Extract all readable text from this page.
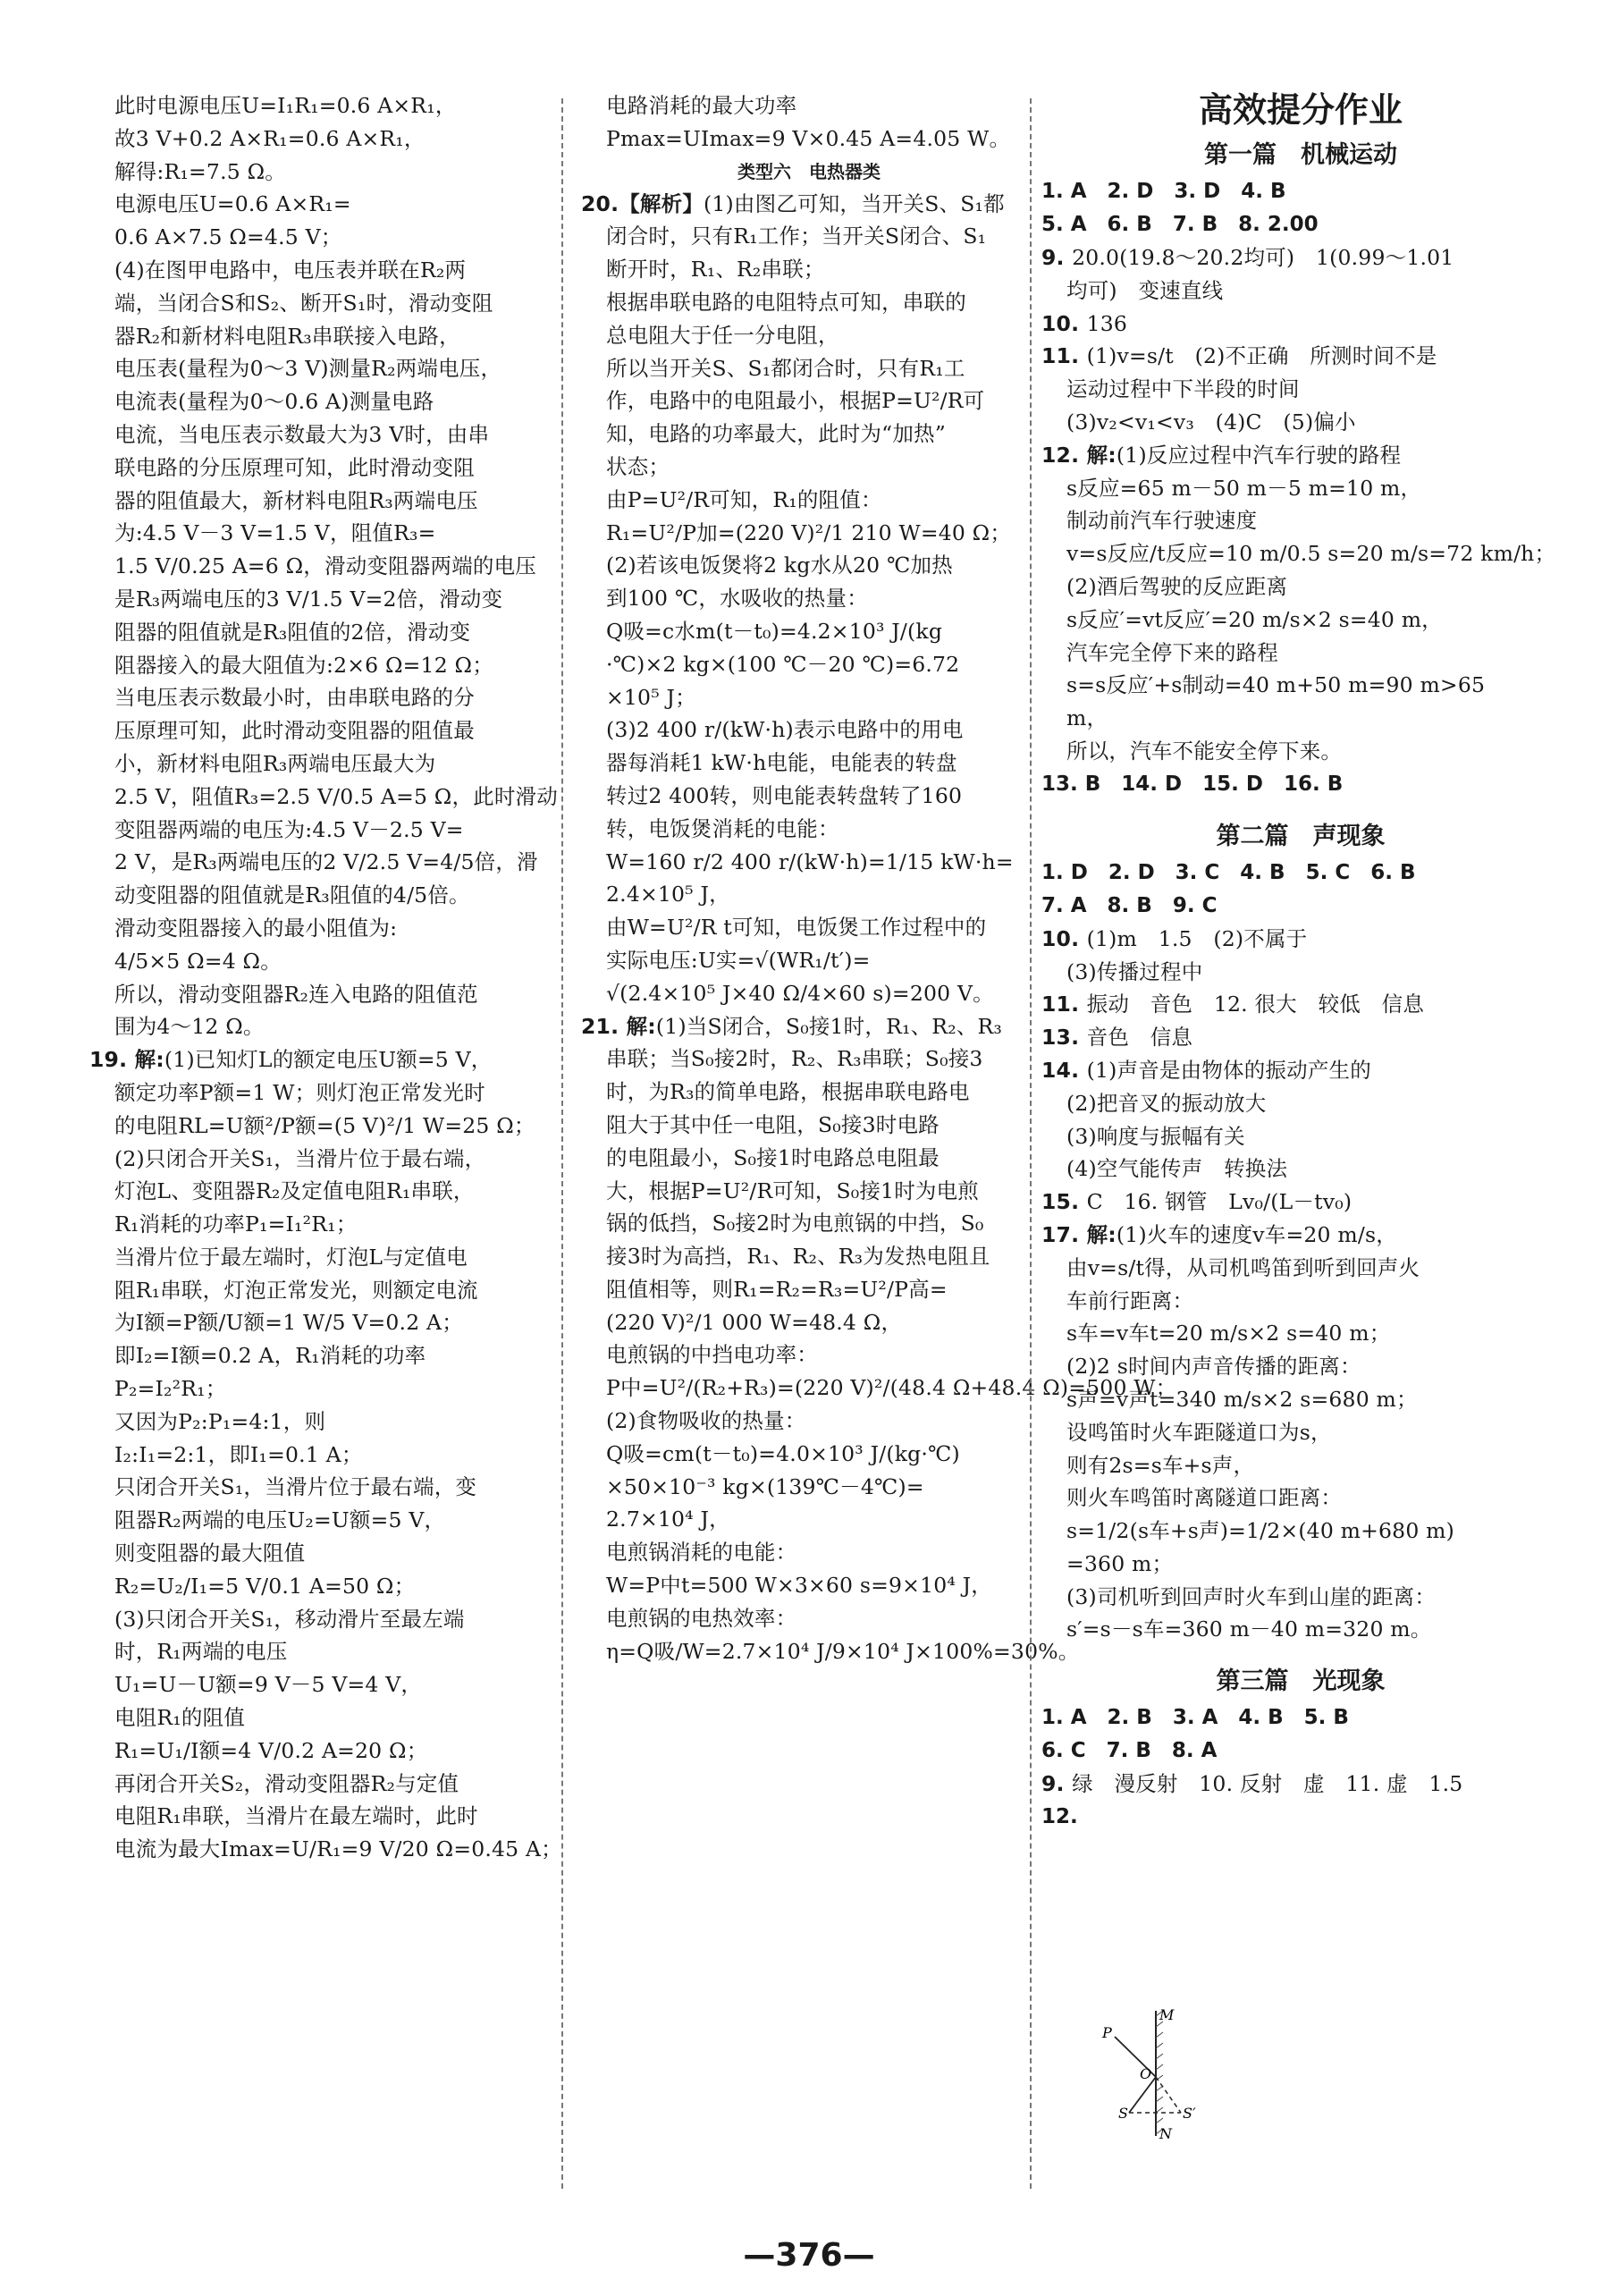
此时电源电压U=I₁R₁=0.6 A×R₁，
故3 V+0.2 A×R₁=0.6 A×R₁，
解得:R₁=7.5 Ω。
电源电压U=0.6 A×R₁=
0.6 A×7.5 Ω=4.5 V；
(4)在图甲电路中，电压表并联在R₂两
端，当闭合S和S₂、断开S₁时，滑动变阻
器R₂和新材料电阻R₃串联接入电路，
电压表(量程为0～3 V)测量R₂两端电压，
电流表(量程为0～0.6 A)测量电路
电流，当电压表示数最大为3 V时，由串
联电路的分压原理可知，此时滑动变阻
器的阻值最大，新材料电阻R₃两端电压
为:4.5 V－3 V=1.5 V，阻值R₃=
1.5 V/0.25 A=6 Ω，滑动变阻器两端的电压
是R₃两端电压的3 V/1.5 V=2倍，滑动变
阻器的阻值就是R₃阻值的2倍，滑动变
阻器接入的最大阻值为:2×6 Ω=12 Ω；
当电压表示数最小时，由串联电路的分
压原理可知，此时滑动变阻器的阻值最
小，新材料电阻R₃两端电压最大为
2.5 V，阻值R₃=2.5 V/0.5 A=5 Ω，此时滑动
变阻器两端的电压为:4.5 V－2.5 V=
2 V，是R₃两端电压的2 V/2.5 V=4/5倍，滑
动变阻器的阻值就是R₃阻值的4/5倍。
滑动变阻器接入的最小阻值为:
4/5×5 Ω=4 Ω。
所以，滑动变阻器R₂连入电路的阻值范
围为4～12 Ω。
19. 解:(1)已知灯L的额定电压U额=5 V，
额定功率P额=1 W；则灯泡正常发光时
的电阻RL=U额²/P额=(5 V)²/1 W=25 Ω；
(2)只闭合开关S₁，当滑片位于最右端，
灯泡L、变阻器R₂及定值电阻R₁串联，
R₁消耗的功率P₁=I₁²R₁；
当滑片位于最左端时，灯泡L与定值电
阻R₁串联，灯泡正常发光，则额定电流
为I额=P额/U额=1 W/5 V=0.2 A；
即I₂=I额=0.2 A，R₁消耗的功率
P₂=I₂²R₁；
又因为P₂:P₁=4:1，则
I₂:I₁=2:1，即I₁=0.1 A；
只闭合开关S₁，当滑片位于最右端，变
阻器R₂两端的电压U₂=U额=5 V，
则变阻器的最大阻值
R₂=U₂/I₁=5 V/0.1 A=50 Ω；
(3)只闭合开关S₁，移动滑片至最左端
时，R₁两端的电压
U₁=U－U额=9 V－5 V=4 V，
电阻R₁的阻值
R₁=U₁/I额=4 V/0.2 A=20 Ω；
再闭合开关S₂，滑动变阻器R₂与定值
电阻R₁串联，当滑片在最左端时，此时
电流为最大Imax=U/R₁=9 V/20 Ω=0.45 A；
电路消耗的最大功率
Pmax=UImax=9 V×0.45 A=4.05 W。
类型六　电热器类
20.【解析】(1)由图乙可知，当开关S、S₁都
闭合时，只有R₁工作；当开关S闭合、S₁
断开时，R₁、R₂串联；
根据串联电路的电阻特点可知，串联的
总电阻大于任一分电阻，
所以当开关S、S₁都闭合时，只有R₁工
作，电路中的电阻最小，根据P=U²/R可
知，电路的功率最大，此时为“加热”
状态；
由P=U²/R可知，R₁的阻值：
R₁=U²/P加=(220 V)²/1 210 W=40 Ω；
(2)若该电饭煲将2 kg水从20 ℃加热
到100 ℃，水吸收的热量：
Q吸=c水m(t－t₀)=4.2×10³ J/(kg
·℃)×2 kg×(100 ℃－20 ℃)=6.72
×10⁵ J；
(3)2 400 r/(kW·h)表示电路中的用电
器每消耗1 kW·h电能，电能表的转盘
转过2 400转，则电能表转盘转了160
转，电饭煲消耗的电能：
W=160 r/2 400 r/(kW·h)=1/15 kW·h=
2.4×10⁵ J，
由W=U²/R t可知，电饭煲工作过程中的
实际电压:U实=√(WR₁/t′)=
√(2.4×10⁵ J×40 Ω/4×60 s)=200 V。
21. 解:(1)当S闭合，S₀接1时，R₁、R₂、R₃
串联；当S₀接2时，R₂、R₃串联；S₀接3
时，为R₃的简单电路，根据串联电路电
阻大于其中任一电阻，S₀接3时电路
的电阻最小，S₀接1时电路总电阻最
大，根据P=U²/R可知，S₀接1时为电煎
锅的低挡，S₀接2时为电煎锅的中挡，S₀
接3时为高挡，R₁、R₂、R₃为发热电阻且
阻值相等，则R₁=R₂=R₃=U²/P高=
(220 V)²/1 000 W=48.4 Ω，
电煎锅的中挡电功率：
P中=U²/(R₂+R₃)=(220 V)²/(48.4 Ω+48.4 Ω)=500 W；
(2)食物吸收的热量：
Q吸=cm(t－t₀)=4.0×10³ J/(kg·℃)
×50×10⁻³ kg×(139℃－4℃)=
2.7×10⁴ J，
电煎锅消耗的电能：
W=P中t=500 W×3×60 s=9×10⁴ J，
电煎锅的电热效率：
η=Q吸/W=2.7×10⁴ J/9×10⁴ J×100%=30%。
高效提分作业
第一篇　机械运动
1. A　2. D　3. D　4. B
5. A　6. B　7. B　8. 2.00
9. 20.0(19.8～20.2均可)　1(0.99～1.01
均可)　变速直线
10. 136
11. (1)v=s/t　(2)不正确　所测时间不是
运动过程中下半段的时间
(3)v₂<v₁<v₃　(4)C　(5)偏小
12. 解:(1)反应过程中汽车行驶的路程
s反应=65 m－50 m－5 m=10 m，
制动前汽车行驶速度
v=s反应/t反应=10 m/0.5 s=20 m/s=72 km/h；
(2)酒后驾驶的反应距离
s反应′=vt反应′=20 m/s×2 s=40 m，
汽车完全停下来的路程
s=s反应′+s制动=40 m+50 m=90 m>65
m，
所以，汽车不能安全停下来。
13. B　14. D　15. D　16. B
第二篇　声现象
1. D　2. D　3. C　4. B　5. C　6. B
7. A　8. B　9. C
10. (1)m　1.5　(2)不属于
(3)传播过程中
11. 振动　音色　12. 很大　较低　信息
13. 音色　信息
14. (1)声音是由物体的振动产生的
(2)把音叉的振动放大
(3)响度与振幅有关
(4)空气能传声　转换法
15. C　16. 钢管　Lv₀/(L－tv₀)
17. 解:(1)火车的速度v车=20 m/s，
由v=s/t得，从司机鸣笛到听到回声火
车前行距离：
s车=v车t=20 m/s×2 s=40 m；
(2)2 s时间内声音传播的距离：
s声=v声t=340 m/s×2 s=680 m；
设鸣笛时火车距隧道口为s，
则有2s=s车+s声，
则火车鸣笛时离隧道口距离：
s=1/2(s车+s声)=1/2×(40 m+680 m)
=360 m；
(3)司机听到回声时火车到山崖的距离：
s′=s－s车=360 m－40 m=320 m。
第三篇　光现象
1. A　2. B　3. A　4. B　5. B
6. C　7. B　8. A
9. 绿　漫反射　10. 反射　虚　11. 虚　1.5
12.
M
N
P
O
S	S′
—376—
